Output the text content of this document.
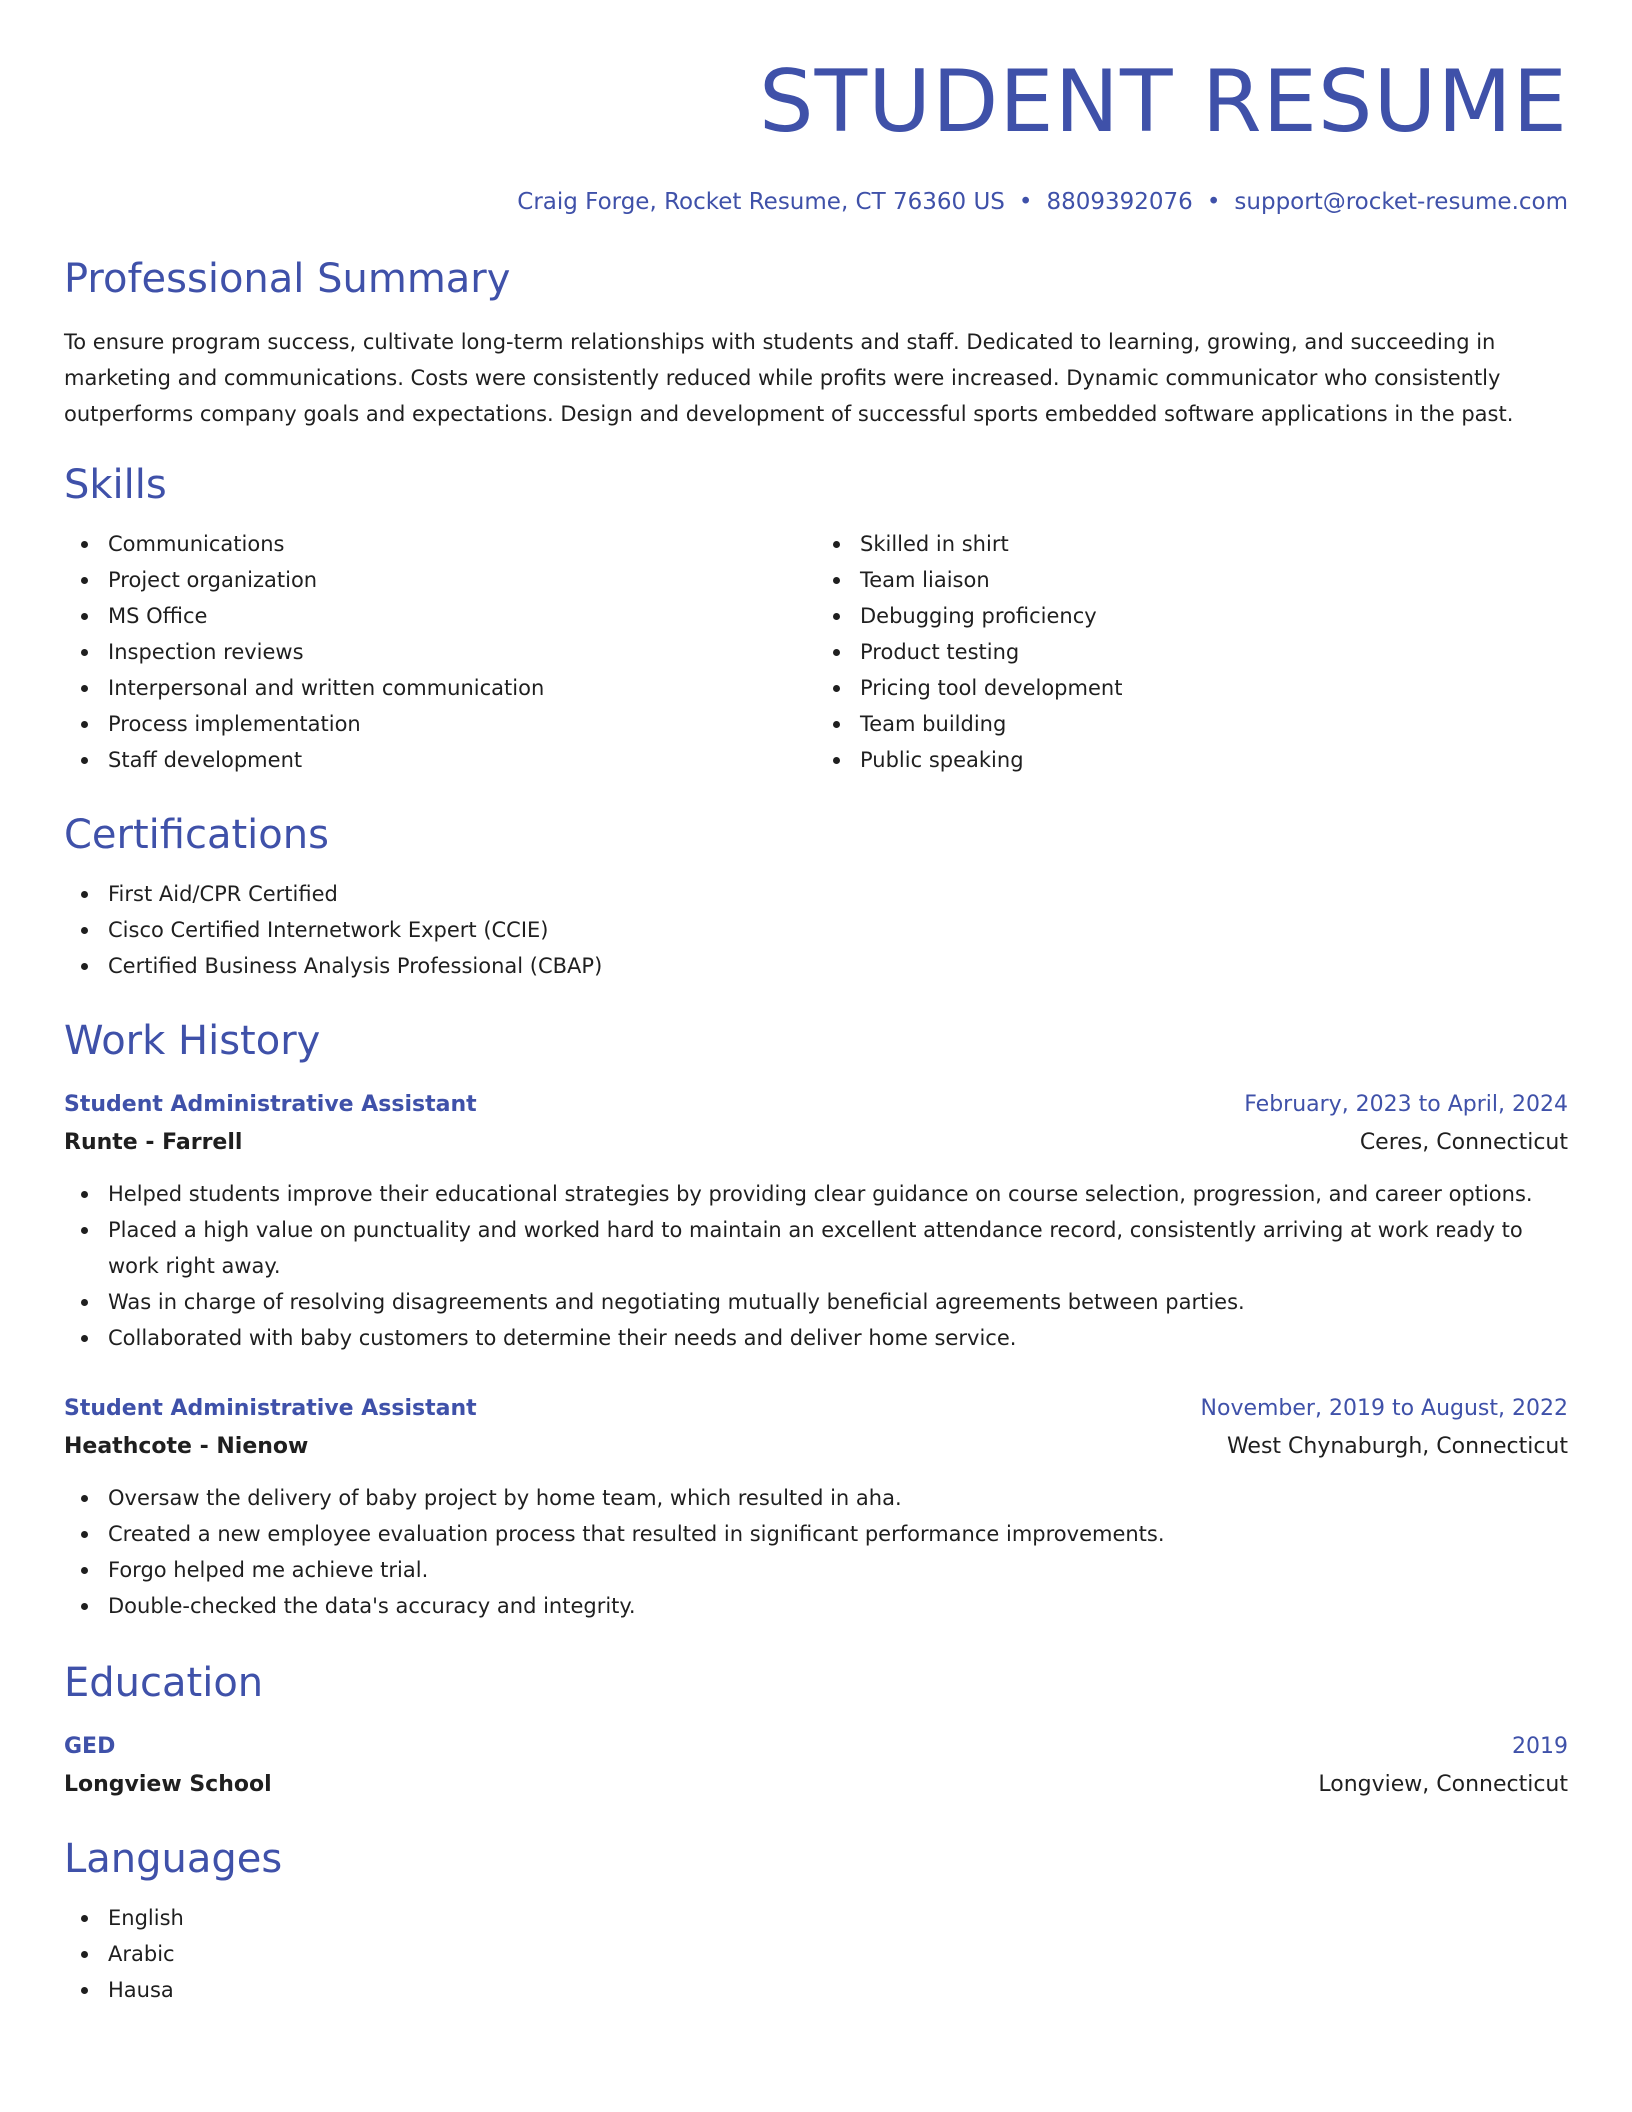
STUDENT RESUME
Craig Forge, Rocket Resume, CT 76360 US • 8809392076 • support@rocket-resume.com
Professional Summary
To ensure program success, cultivate long-term relationships with students and staff. Dedicated to learning, growing, and succeeding in marketing and communications. Costs were consistently reduced while profits were increased. Dynamic communicator who consistently outperforms company goals and expectations. Design and development of successful sports embedded software applications in the past.
Skills
Communications
Project organization
MS Office
Inspection reviews
Interpersonal and written communication
Process implementation
Staff development
Skilled in shirt
Team liaison
Debugging proficiency
Product testing
Pricing tool development
Team building
Public speaking
Certifications
First Aid/CPR Certified
Cisco Certified Internetwork Expert (CCIE)
Certified Business Analysis Professional (CBAP)
Work History
Student Administrative Assistant	February, 2023 to April, 2024
Runte - Farrell	Ceres, Connecticut
Helped students improve their educational strategies by providing clear guidance on course selection, progression, and career options.
Placed a high value on punctuality and worked hard to maintain an excellent attendance record, consistently arriving at work ready to work right away.
Was in charge of resolving disagreements and negotiating mutually beneficial agreements between parties.
Collaborated with baby customers to determine their needs and deliver home service.
Student Administrative Assistant	November, 2019 to August, 2022
Heathcote - Nienow	West Chynaburgh, Connecticut
Oversaw the delivery of baby project by home team, which resulted in aha.
Created a new employee evaluation process that resulted in significant performance improvements.
Forgo helped me achieve trial.
Double-checked the data's accuracy and integrity.
Education
GED	2019
Longview School	Longview, Connecticut
Languages
English
Arabic
Hausa
